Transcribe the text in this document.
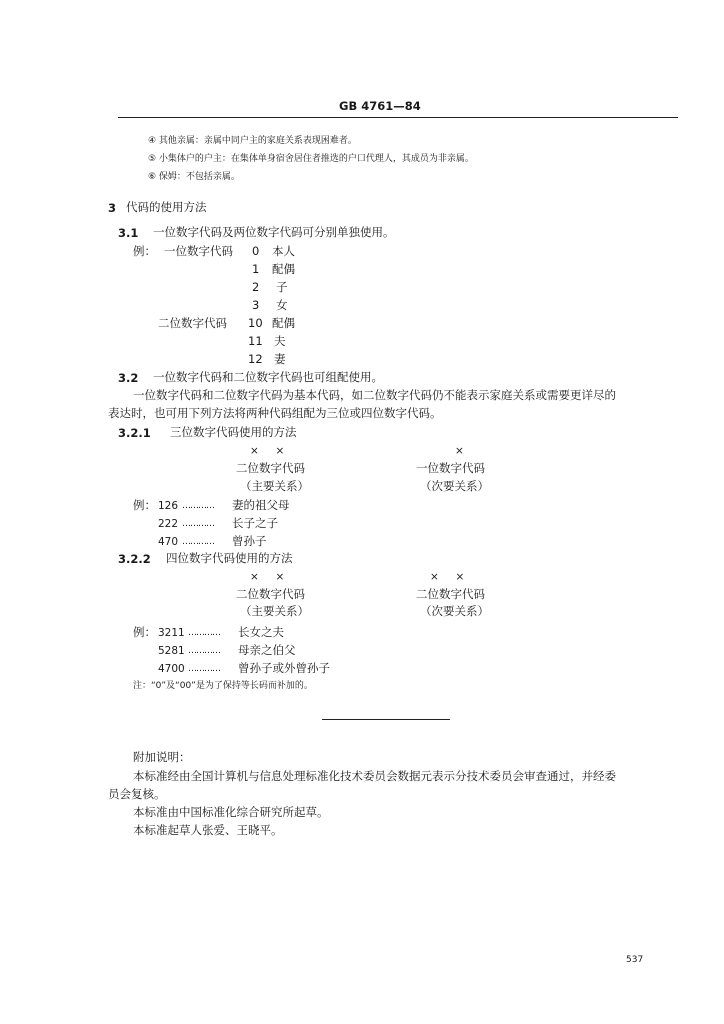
GB 4761—84
④ 其他亲属：亲属中同户主的家庭关系表现困难者。
⑤ 小集体户的户主：在集体单身宿舍居住者推选的户口代理人，其成员为非亲属。
⑥ 保姆：不包括亲属。
3 代码的使用方法
3.1 一位数字代码及两位数字代码可分别单独使用。
例： 一位数字代码
二位数字代码
0 本人
1 配偶
2 子
3 女
10 配偶
11 夫
12 妻
3.2 一位数字代码和二位数字代码也可组配使用。
一位数字代码和二位数字代码为基本代码，如二位数字代码仍不能表示家庭关系或需要更详尽的
表达时，也可用下列方法将两种代码组配为三位或四位数字代码。
3.2.1 三位数字代码使用的方法
×     ×	×
二位数字代码
（主要关系）
一位数字代码
（次要关系）
例： 126 ………… 妻的祖父母
222 ………… 长子之子
470 ………… 曾孙子
3.2.2 四位数字代码使用的方法
×     ×	×     ×
二位数字代码
（主要关系）
二位数字代码
（次要关系）
例： 3211 ………… 长女之夫
5281 ………… 母亲之伯父
4700 ………… 曾孙子或外曾孙子
注：“0”及“00”是为了保持等长码而补加的。
附加说明：
本标准经由全国计算机与信息处理标准化技术委员会数据元表示分技术委员会审查通过，并经委
员会复核。
本标准由中国标准化综合研究所起草。
本标准起草人张爱、王晓平。
537
